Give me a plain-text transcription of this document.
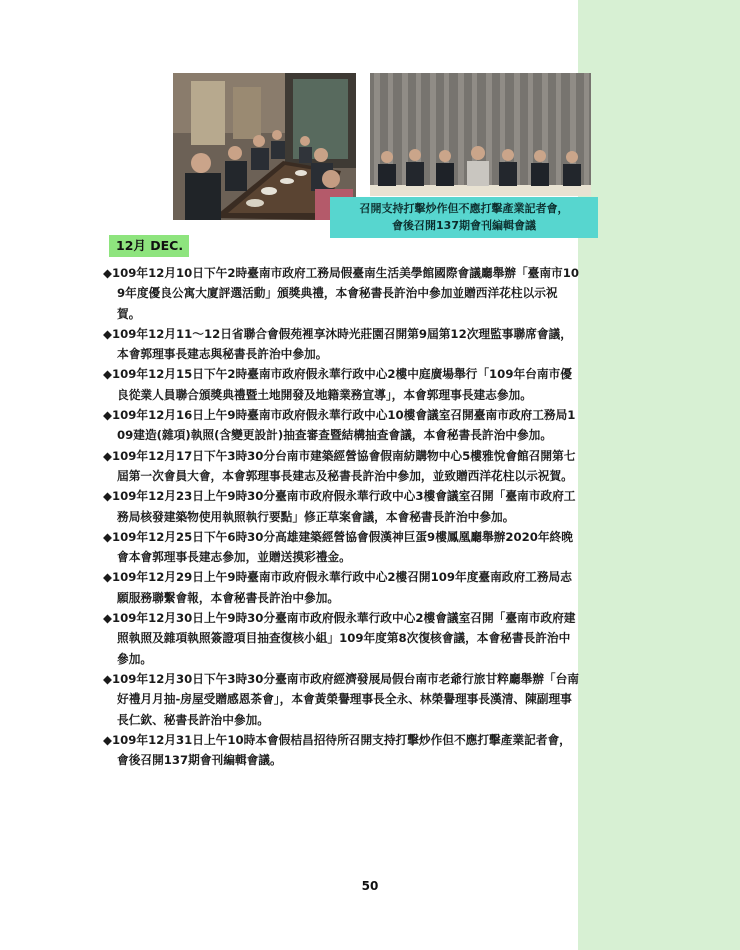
召開支持打擊炒作但不應打擊產業記者會，
會後召開137期會刊編輯會議
12月 DEC.
◆109年12月10日下午2時臺南市政府工務局假臺南生活美學館國際會議廳舉辦「臺南市109年度優良公寓大廈評選活動」頒獎典禮，本會秘書長許治中參加並贈西洋花柱以示祝賀。
◆109年12月11～12日省聯合會假苑裡享沐時光莊園召開第9屆第12次理監事聯席會議，本會郭理事長建志與秘書長許治中參加。
◆109年12月15日下午2時臺南市政府假永華行政中心2樓中庭廣場舉行「109年台南市優良從業人員聯合頒獎典禮暨土地開發及地籍業務宣導」，本會郭理事長建志參加。
◆109年12月16日上午9時臺南市政府假永華行政中心10樓會議室召開臺南市政府工務局109建造(雜項)執照(含變更設計)抽查審查暨結構抽查會議，本會秘書長許治中參加。
◆109年12月17日下午3時30分台南市建築經營協會假南紡購物中心5樓雅悅會館召開第七屆第一次會員大會，本會郭理事長建志及秘書長許治中參加，並致贈西洋花柱以示祝賀。
◆109年12月23日上午9時30分臺南市政府假永華行政中心3樓會議室召開「臺南市政府工務局核發建築物使用執照執行要點」修正草案會議，本會秘書長許治中參加。
◆109年12月25日下午6時30分高雄建築經營協會假漢神巨蛋9樓鳳凰廳舉辦2020年終晚會本會郭理事長建志參加，並贈送摸彩禮金。
◆109年12月29日上午9時臺南市政府假永華行政中心2樓召開109年度臺南政府工務局志願服務聯繫會報，本會秘書長許治中參加。
◆109年12月30日上午9時30分臺南市政府假永華行政中心2樓會議室召開「臺南市政府建照執照及雜項執照簽證項目抽查復核小組」109年度第8次復核會議，本會秘書長許治中參加。
◆109年12月30日下午3時30分臺南市政府經濟發展局假台南市老爺行旅甘粹廳舉辦「台南好禮月月抽-房屋受贈感恩茶會」，本會黃榮譽理事長全永、林榮譽理事長漢清、陳副理事長仁欽、秘書長許治中參加。
◆109年12月31日上午10時本會假桔昌招待所召開支持打擊炒作但不應打擊產業記者會，會後召開137期會刊編輯會議。
50
